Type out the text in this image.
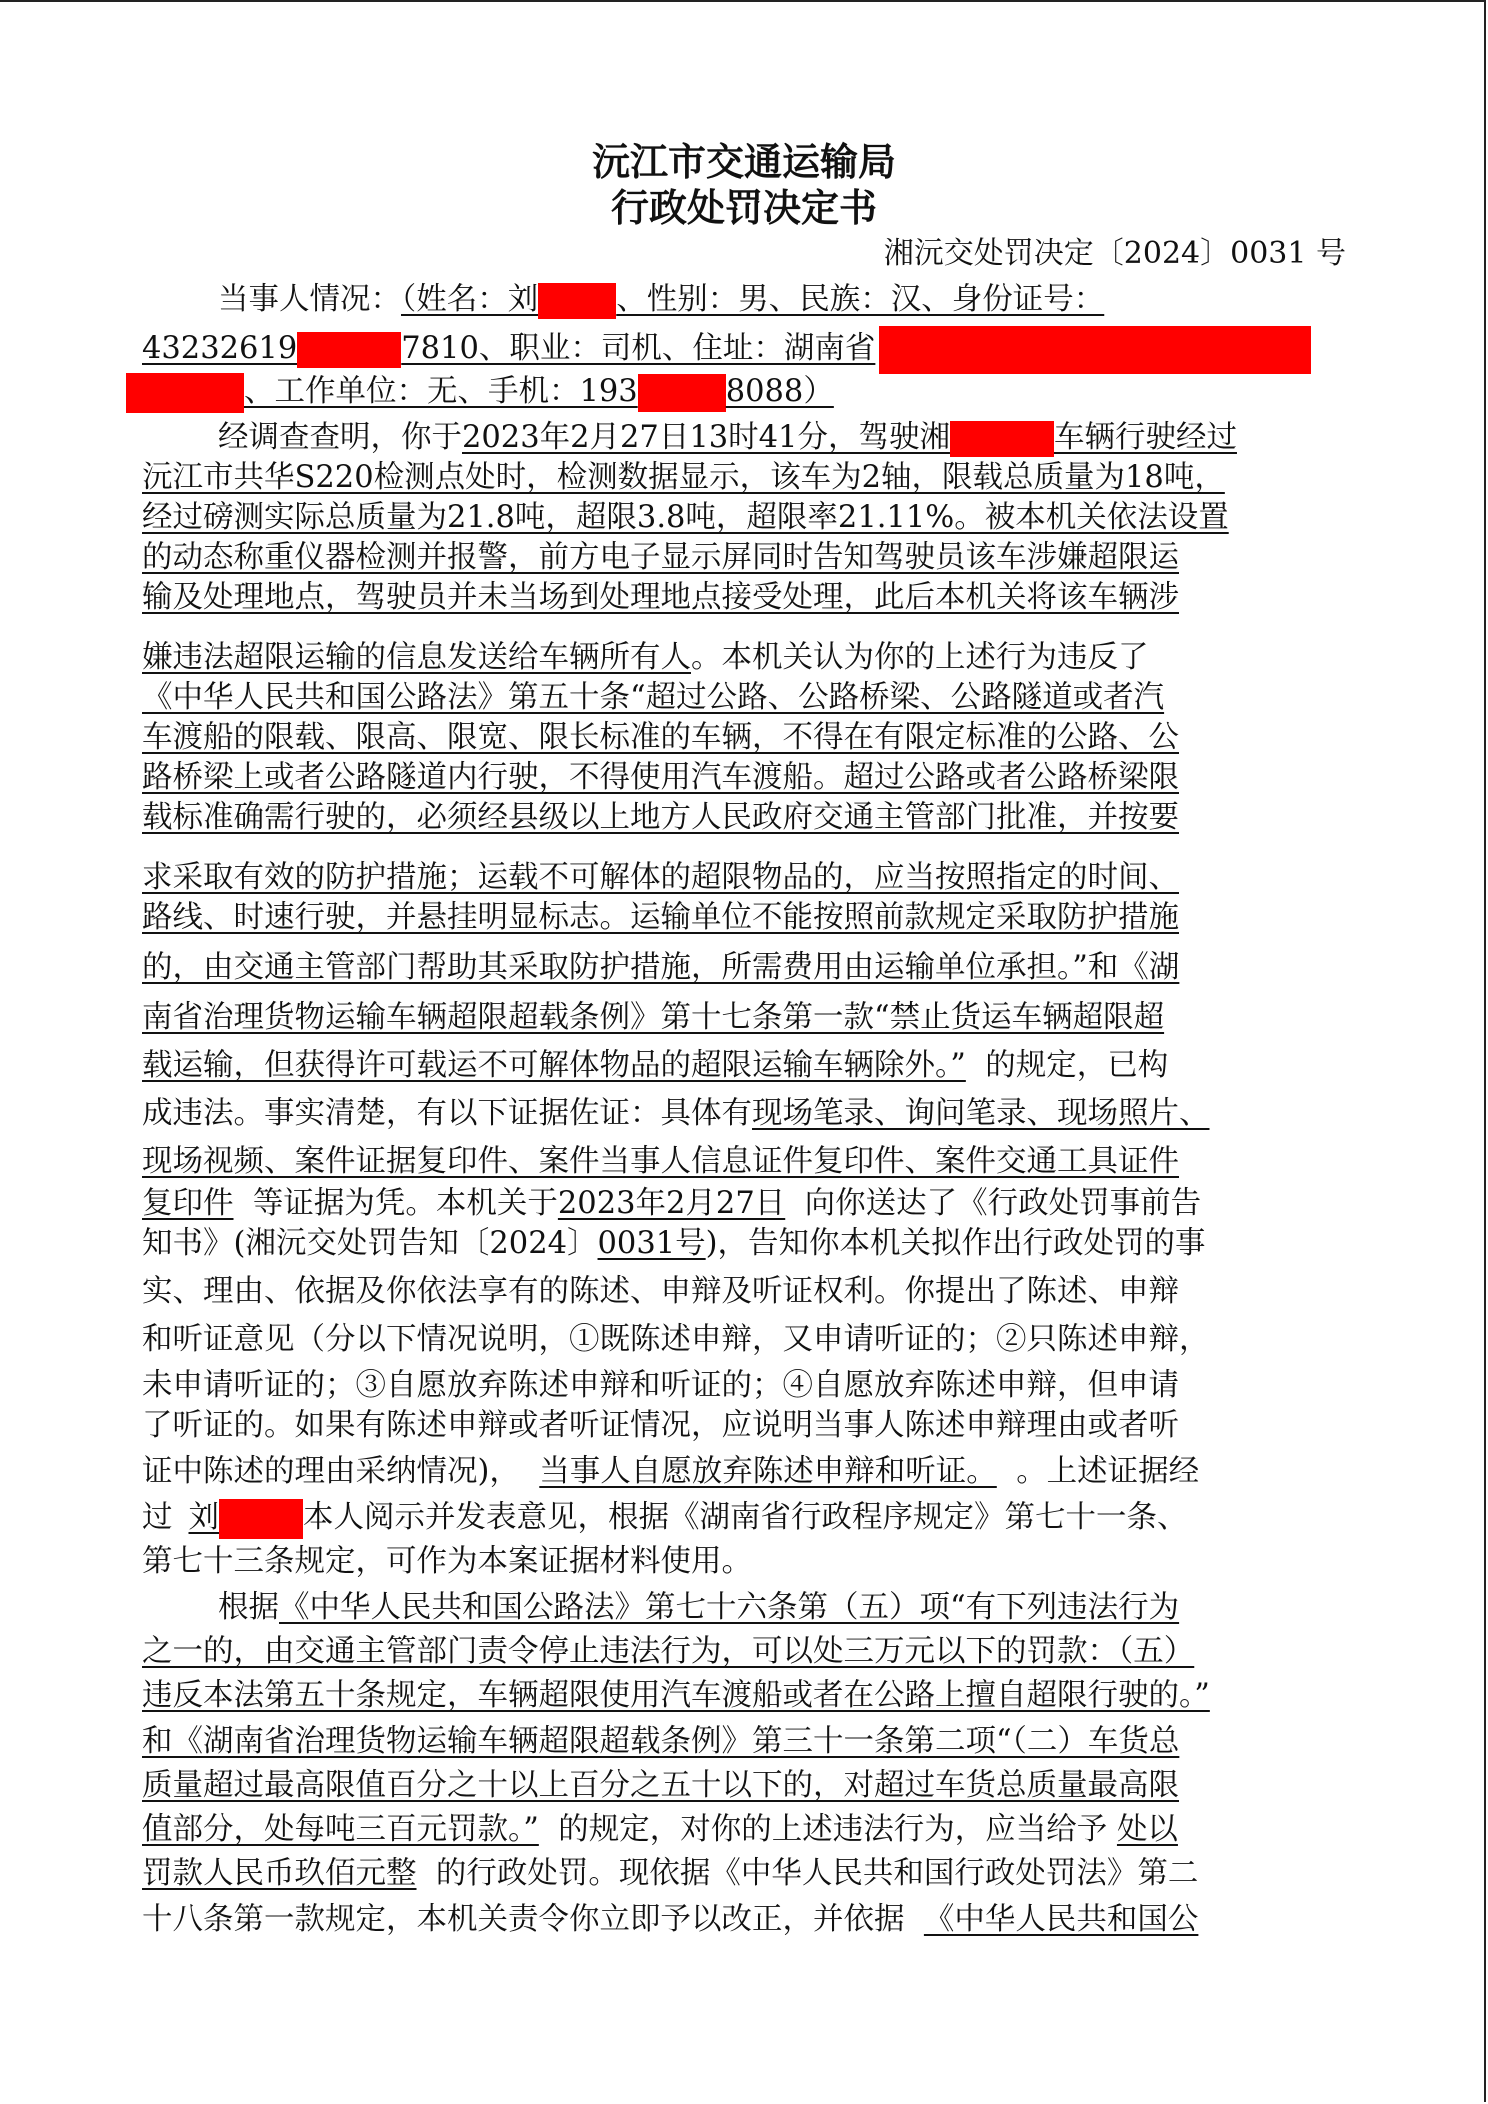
沅江市交通运输局
行政处罚决定书

湘沅交处罚决定〔2024〕0031 号

当事人情况：（姓名：刘	、性别：男、民族：汉、身份证号：

43232619	7810、职业：司机、住址：湖南省

、工作单位：无、手机：193	8088）

经调查查明，你于2023年2月27日13时41分，驾驶湘	车辆行驶经过

沅江市共华S220检测点处时，检测数据显示，该车为2轴，限载总质量为18吨，

经过磅测实际总质量为21.8吨，超限3.8吨，超限率21.11%。被本机关依法设置

的动态称重仪器检测并报警，前方电子显示屏同时告知驾驶员该车涉嫌超限运

输及处理地点，驾驶员并未当场到处理地点接受处理，此后本机关将该车辆涉

嫌违法超限运输的信息发送给车辆所有人。本机关认为你的上述行为违反了

《中华人民共和国公路法》第五十条“超过公路、公路桥梁、公路隧道或者汽

车渡船的限载、限高、限宽、限长标准的车辆，不得在有限定标准的公路、公

路桥梁上或者公路隧道内行驶，不得使用汽车渡船。超过公路或者公路桥梁限

载标准确需行驶的，必须经县级以上地方人民政府交通主管部门批准，并按要

求采取有效的防护措施；运载不可解体的超限物品的，应当按照指定的时间、

路线、时速行驶，并悬挂明显标志。运输单位不能按照前款规定采取防护措施

的，由交通主管部门帮助其采取防护措施，所需费用由运输单位承担。”和《湖

南省治理货物运输车辆超限超载条例》第十七条第一款“禁止货运车辆超限超

载运输，但获得许可载运不可解体物品的超限运输车辆除外。” 的规定，已构

成违法。事实清楚，有以下证据佐证：具体有现场笔录、询问笔录、现场照片、

现场视频、案件证据复印件、案件当事人信息证件复印件、案件交通工具证件

复印件 等证据为凭。本机关于2023年2月27日 向你送达了《行政处罚事前告

知书》(湘沅交处罚告知〔2024〕0031号)，告知你本机关拟作出行政处罚的事

实、理由、依据及你依法享有的陈述、申辩及听证权利。你提出了陈述、申辩

和听证意见（分以下情况说明，①既陈述申辩，又申请听证的；②只陈述申辩，

未申请听证的；③自愿放弃陈述申辩和听证的；④自愿放弃陈述申辩，但申请

了听证的。如果有陈述申辩或者听证情况，应说明当事人陈述申辩理由或者听

证中陈述的理由采纳情况)， 当事人自愿放弃陈述申辩和听证。 。上述证据经

过 刘	本人阅示并发表意见，根据《湖南省行政程序规定》第七十一条、

第七十三条规定，可作为本案证据材料使用。

根据《中华人民共和国公路法》第七十六条第（五）项“有下列违法行为

之一的，由交通主管部门责令停止违法行为，可以处三万元以下的罚款：（五）

违反本法第五十条规定，车辆超限使用汽车渡船或者在公路上擅自超限行驶的。”

和《湖南省治理货物运输车辆超限超载条例》第三十一条第二项“（二）车货总

质量超过最高限值百分之十以上百分之五十以下的，对超过车货总质量最高限

值部分，处每吨三百元罚款。” 的规定，对你的上述违法行为，应当给予 处以

罚款人民币玖佰元整 的行政处罚。现依据《中华人民共和国行政处罚法》第二

十八条第一款规定，本机关责令你立即予以改正，并依据 《中华人民共和国公
